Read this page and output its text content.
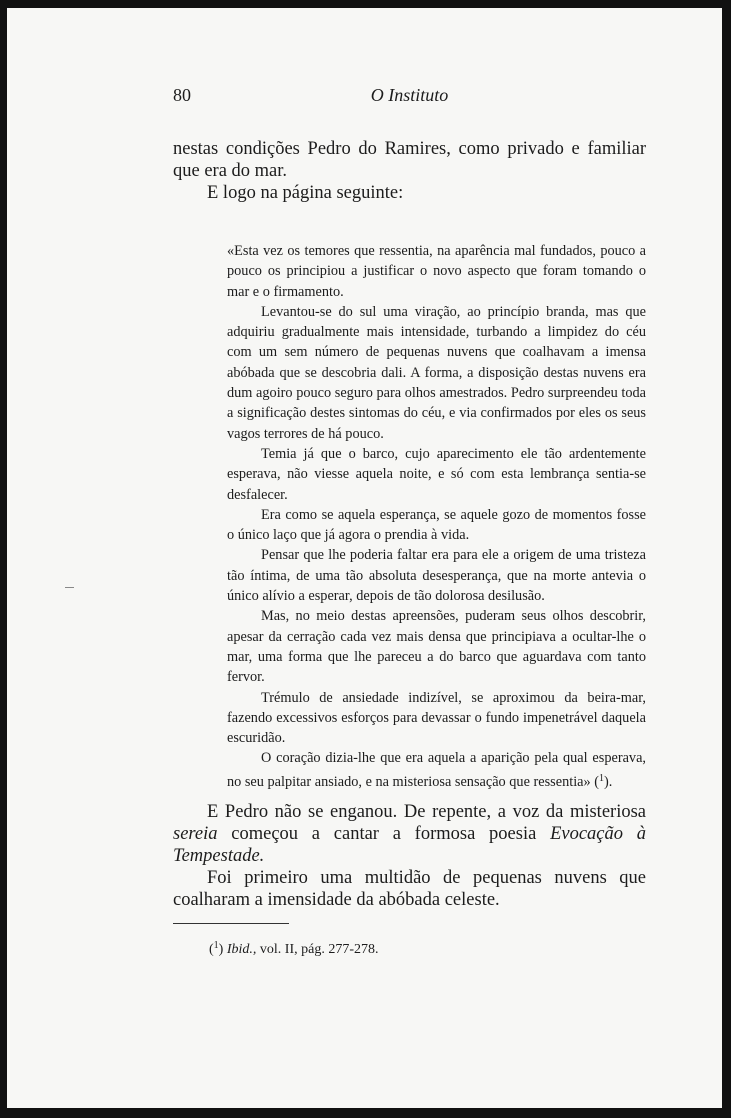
80	O Instituto

nestas condições Pedro do Ramires, como privado e familiar que era do mar.

E logo na página seguinte:

«Esta vez os temores que ressentia, na aparência mal fundados, pouco a pouco os principiou a justificar o novo aspecto que foram tomando o mar e o firmamento.

Levantou-se do sul uma viração, ao princípio branda, mas que adquiriu gradualmente mais intensidade, turbando a limpidez do céu com um sem número de pequenas nuvens que coalhavam a imensa abóbada que se descobria dali. A forma, a disposição destas nuvens era dum agoiro pouco seguro para olhos amestrados. Pedro surpreendeu toda a significação destes sintomas do céu, e via confirmados por eles os seus vagos terrores de há pouco.

Temia já que o barco, cujo aparecimento ele tão ardentemente esperava, não viesse aquela noite, e só com esta lembrança sentia-se desfalecer.

Era como se aquela esperança, se aquele gozo de momentos fosse o único laço que já agora o prendia à vida.

Pensar que lhe poderia faltar era para ele a origem de uma tristeza tão íntima, de uma tão absoluta desesperança, que na morte antevia o único alívio a esperar, depois de tão dolorosa desilusão.

Mas, no meio destas apreensões, puderam seus olhos descobrir, apesar da cerração cada vez mais densa que principiava a ocultar-lhe o mar, uma forma que lhe pareceu a do barco que aguardava com tanto fervor.

Trémulo de ansiedade indizível, se aproximou da beira-mar, fazendo excessivos esforços para devassar o fundo impenetrável daquela escuridão.

O coração dizia-lhe que era aquela a aparição pela qual esperava, no seu palpitar ansiado, e na misteriosa sensação que ressentia» ($^1$).

E Pedro não se enganou. De repente, a voz da misteriosa sereia começou a cantar a formosa poesia Evocação à Tempestade.

Foi primeiro uma multidão de pequenas nuvens que coalharam a imensidade da abóbada celeste.

($^1$) Ibid., vol. II, pág. 277-278.
